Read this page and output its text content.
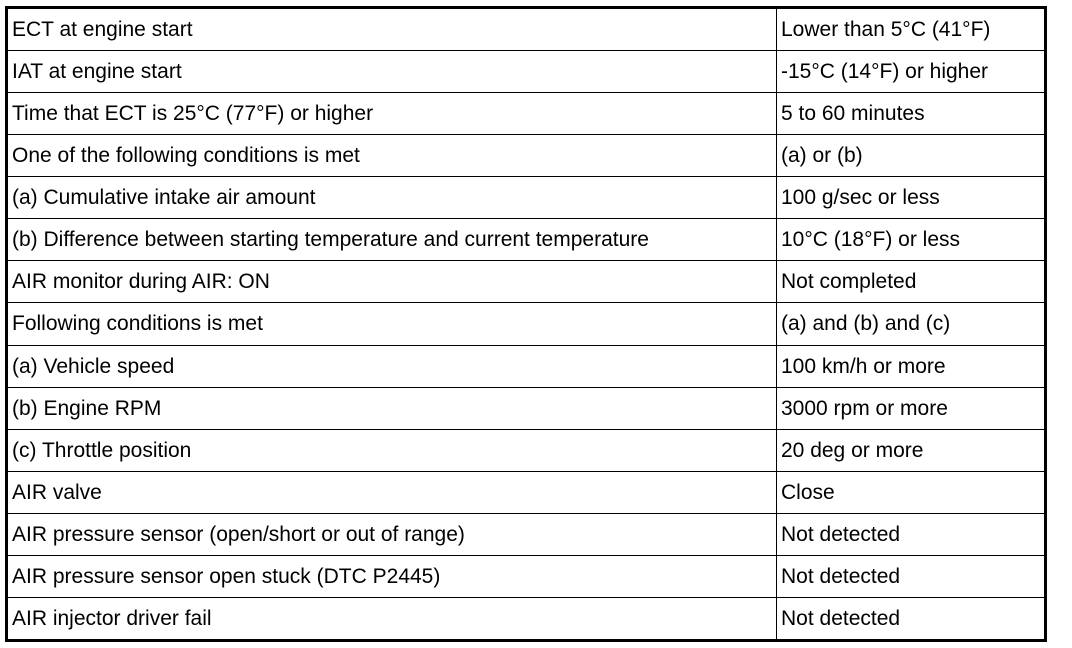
ECT at engine start	Lower than 5°C (41°F)
IAT at engine start	-15°C (14°F) or higher
Time that ECT is 25°C (77°F) or higher	5 to 60 minutes
One of the following conditions is met	(a) or (b)
(a) Cumulative intake air amount	100 g/sec or less
(b) Difference between starting temperature and current temperature	10°C (18°F) or less
AIR monitor during AIR: ON	Not completed
Following conditions is met	(a) and (b) and (c)
(a) Vehicle speed	100 km/h or more
(b) Engine RPM	3000 rpm or more
(c) Throttle position	20 deg or more
AIR valve	Close
AIR pressure sensor (open/short or out of range)	Not detected
AIR pressure sensor open stuck (DTC P2445)	Not detected
AIR injector driver fail	Not detected
